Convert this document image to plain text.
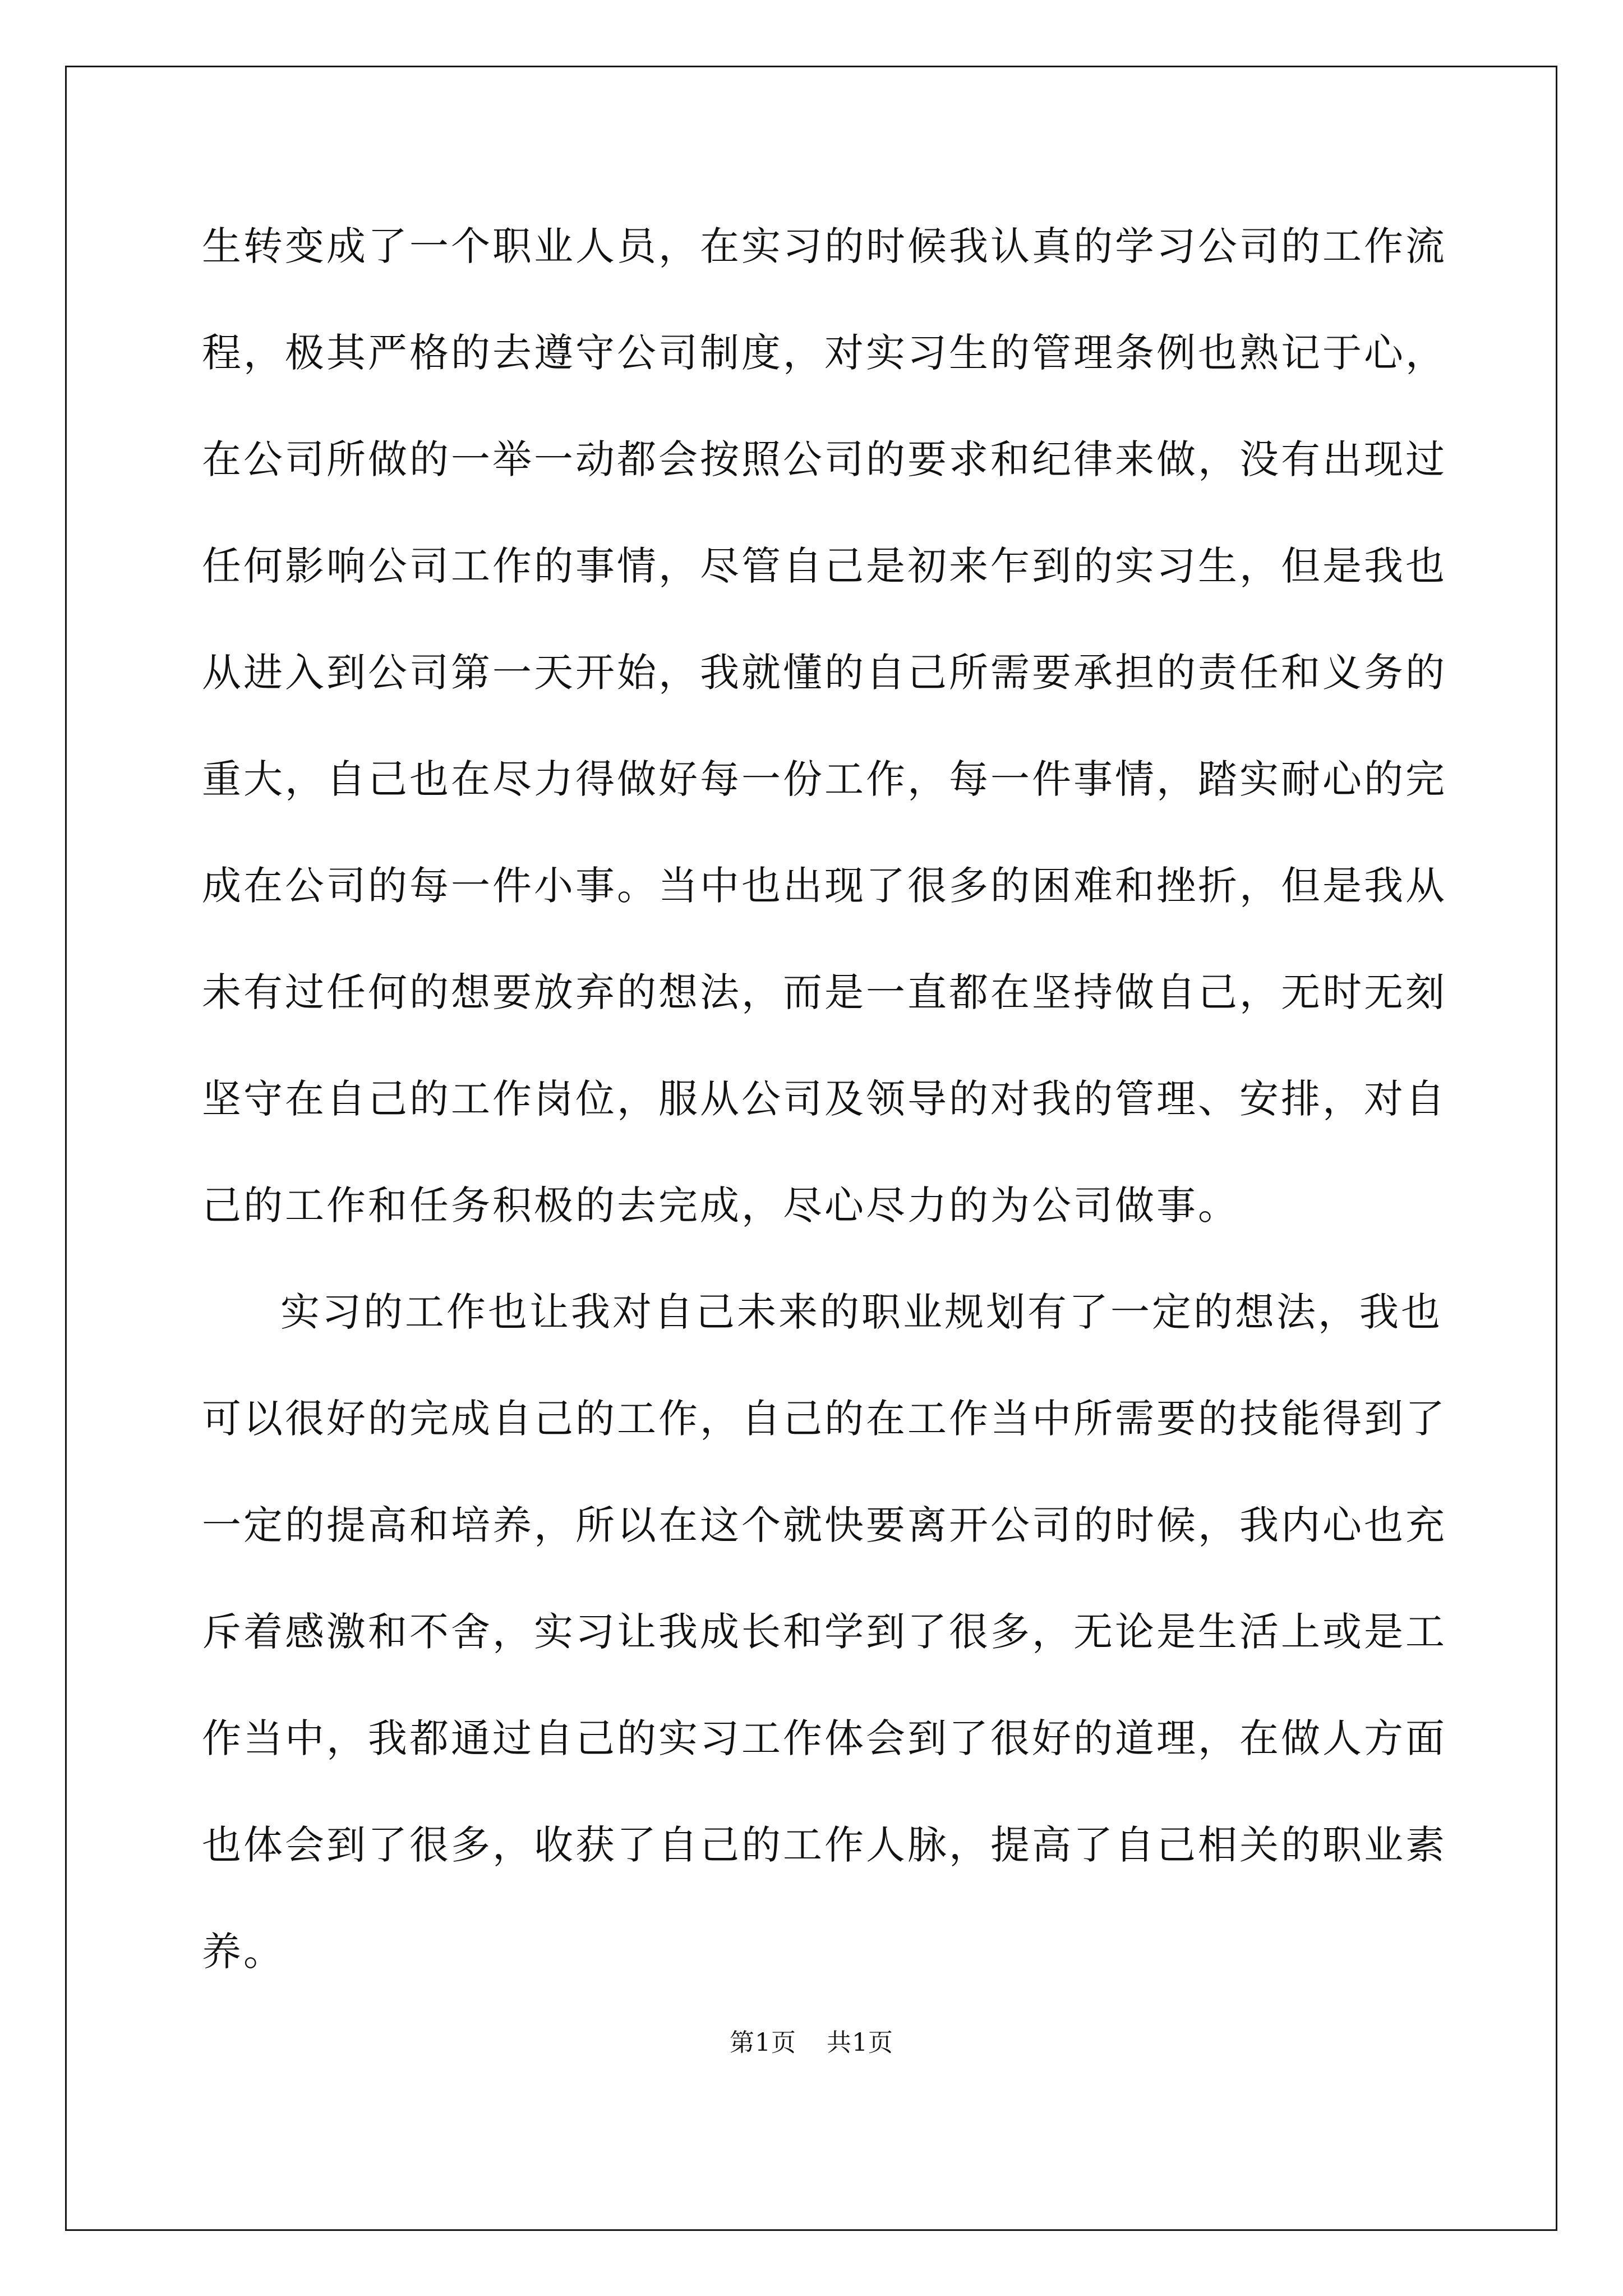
生转变成了一个职业人员，在实习的时候我认真的学习公司的工作流
程，极其严格的去遵守公司制度，对实习生的管理条例也熟记于心，
在公司所做的一举一动都会按照公司的要求和纪律来做，没有出现过
任何影响公司工作的事情，尽管自己是初来乍到的实习生，但是我也
从进入到公司第一天开始，我就懂的自己所需要承担的责任和义务的
重大，自己也在尽力得做好每一份工作，每一件事情，踏实耐心的完
成在公司的每一件小事。当中也出现了很多的困难和挫折，但是我从
未有过任何的想要放弃的想法，而是一直都在坚持做自己，无时无刻
坚守在自己的工作岗位，服从公司及领导的对我的管理、安排，对自
己的工作和任务积极的去完成，尽心尽力的为公司做事。
实习的工作也让我对自己未来的职业规划有了一定的想法，我也
可以很好的完成自己的工作，自己的在工作当中所需要的技能得到了
一定的提高和培养，所以在这个就快要离开公司的时候，我内心也充
斥着感激和不舍，实习让我成长和学到了很多，无论是生活上或是工
作当中，我都通过自己的实习工作体会到了很好的道理，在做人方面
也体会到了很多，收获了自己的工作人脉，提高了自己相关的职业素
养。
第1页 共1页
